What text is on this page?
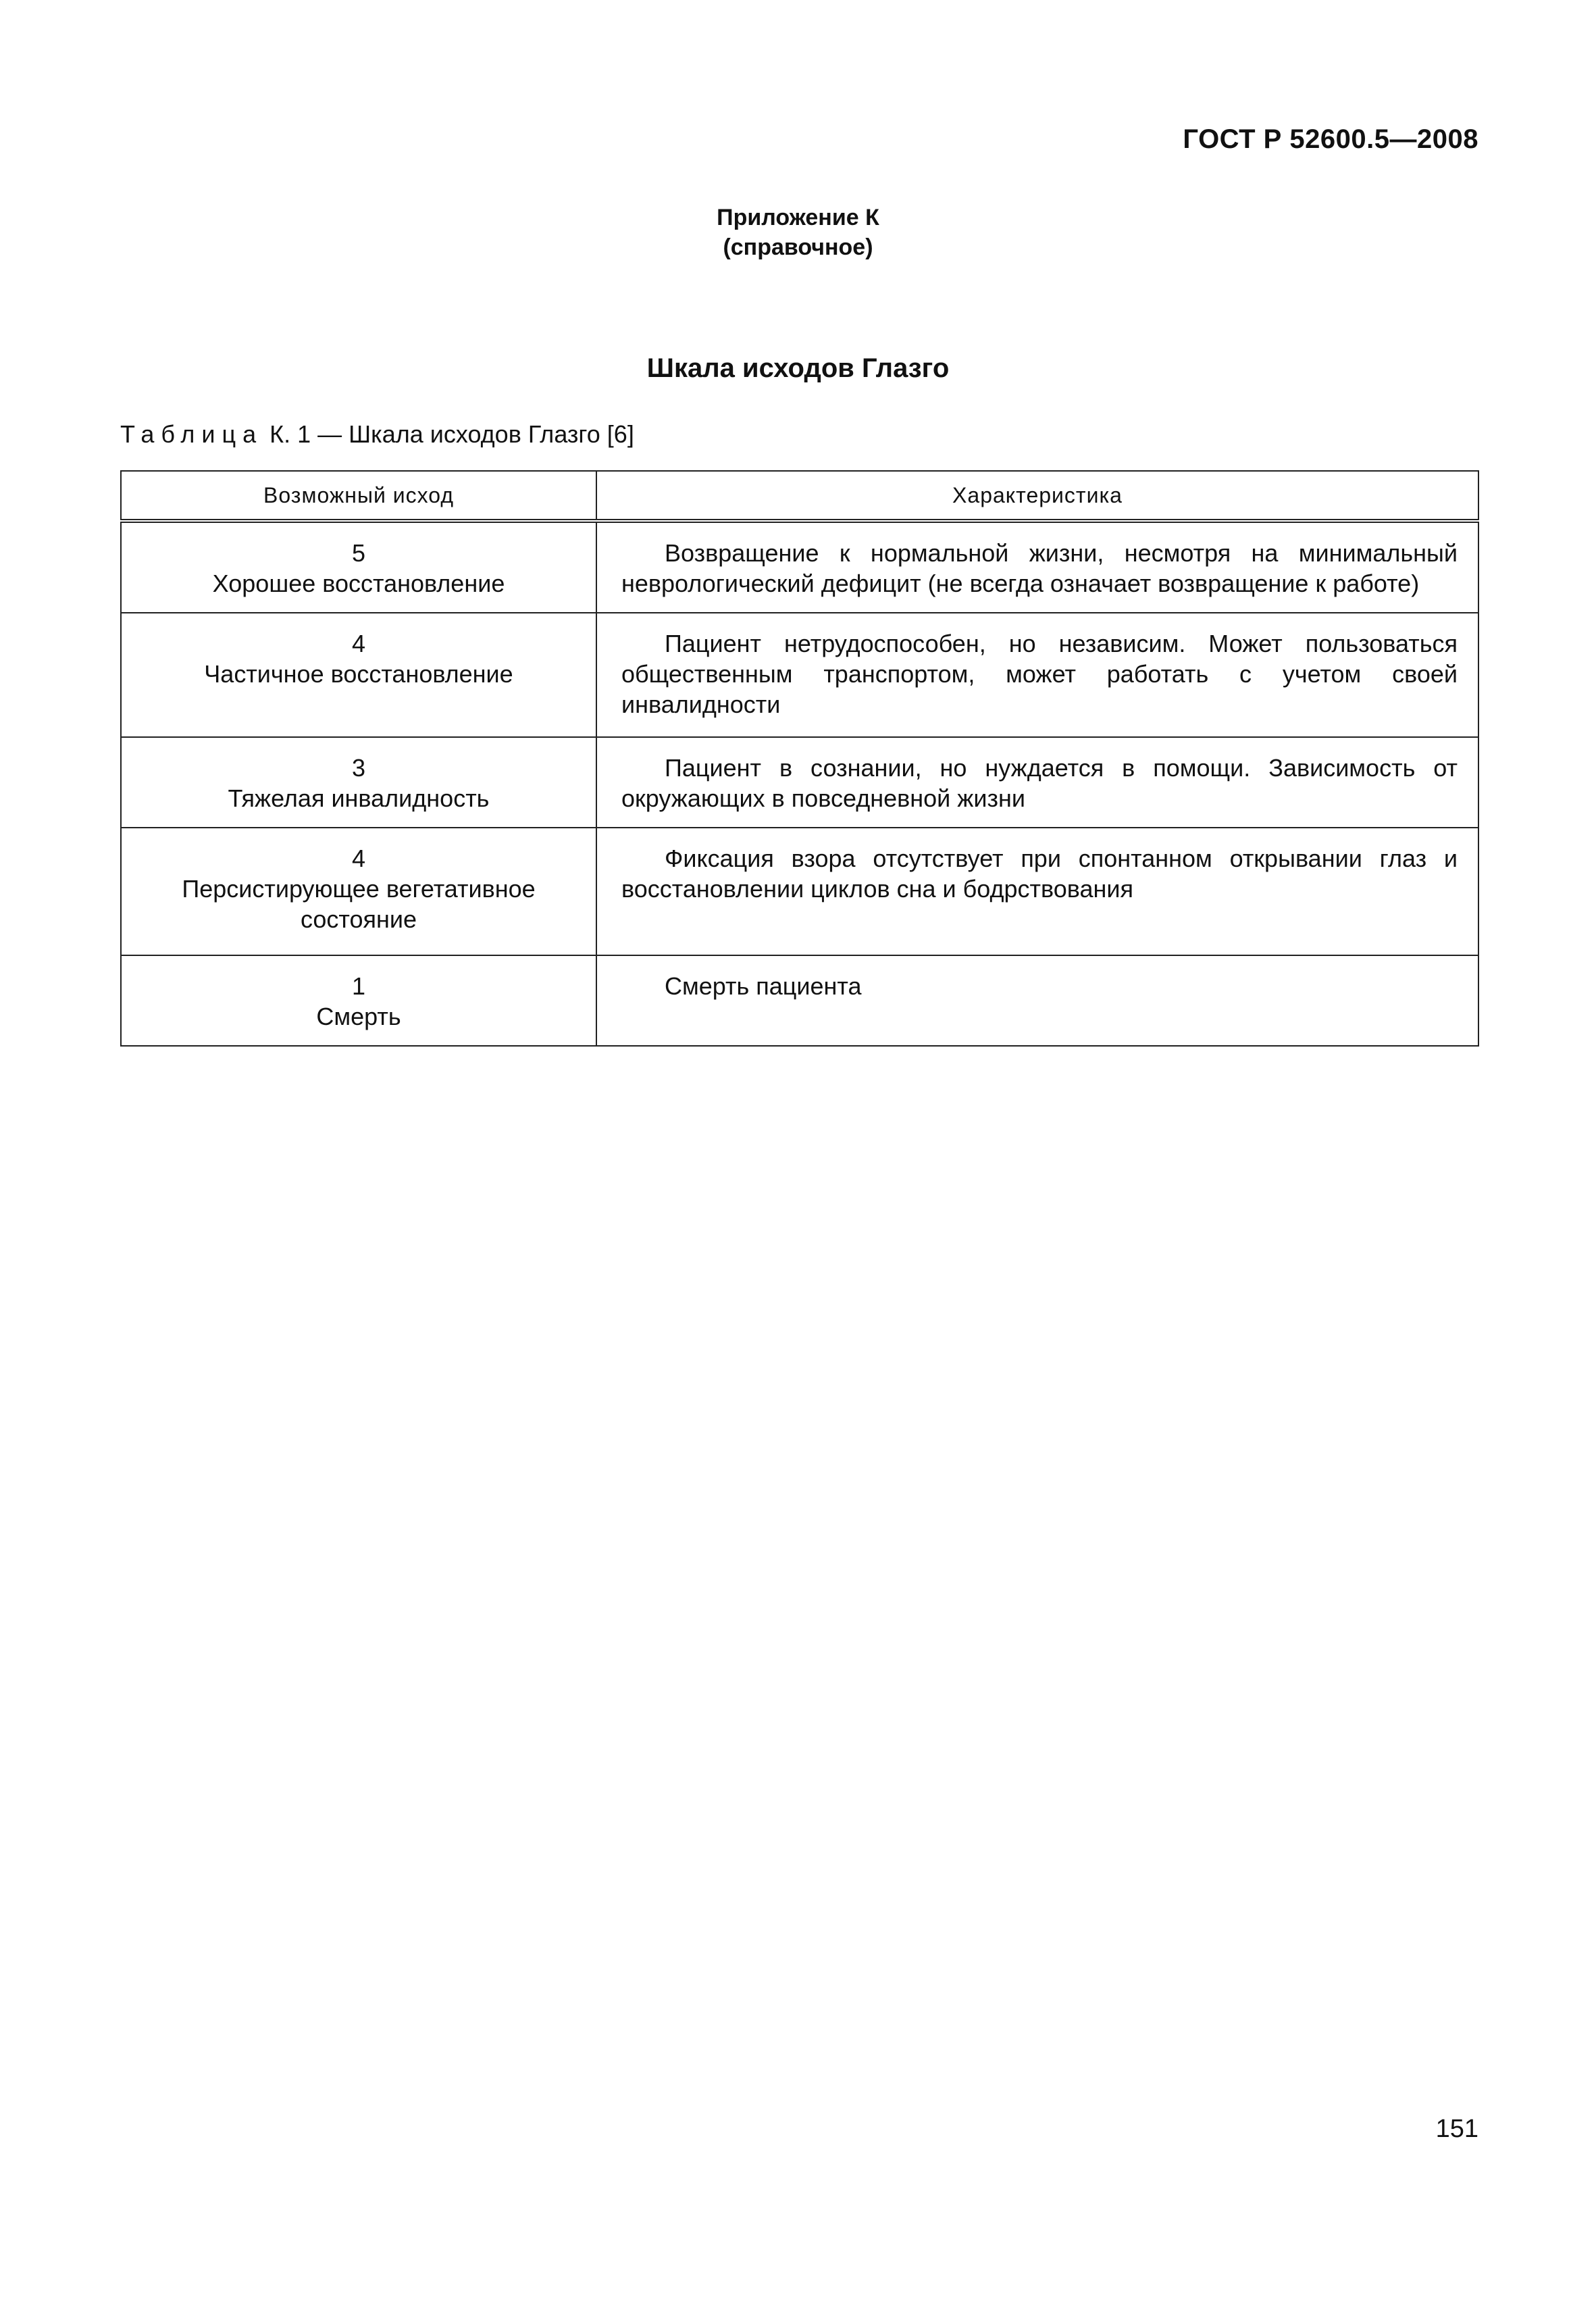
ГОСТ Р 52600.5—2008
Приложение К
(справочное)
Шкала исходов Глазго
Таблица К. 1 — Шкала исходов Глазго [6]
Возможный исход	Характеристика

5
Хорошее восстановление	Возвращение к нормальной жизни, несмотря на минимальный неврологический дефицит (не всегда означает возвращение к работе)

4
Частичное восстановление	Пациент нетрудоспособен, но независим. Может пользоваться общественным транспортом, может работать с учетом своей инвалидности

3
Тяжелая инвалидность	Пациент в сознании, но нуждается в помощи. Зависимость от окружающих в повседневной жизни

4
Персистирующее вегетативное состояние	Фиксация взора отсутствует при спонтанном открывании глаз и восстановлении циклов сна и бодрствования

1
Смерть	Смерть пациента
151
